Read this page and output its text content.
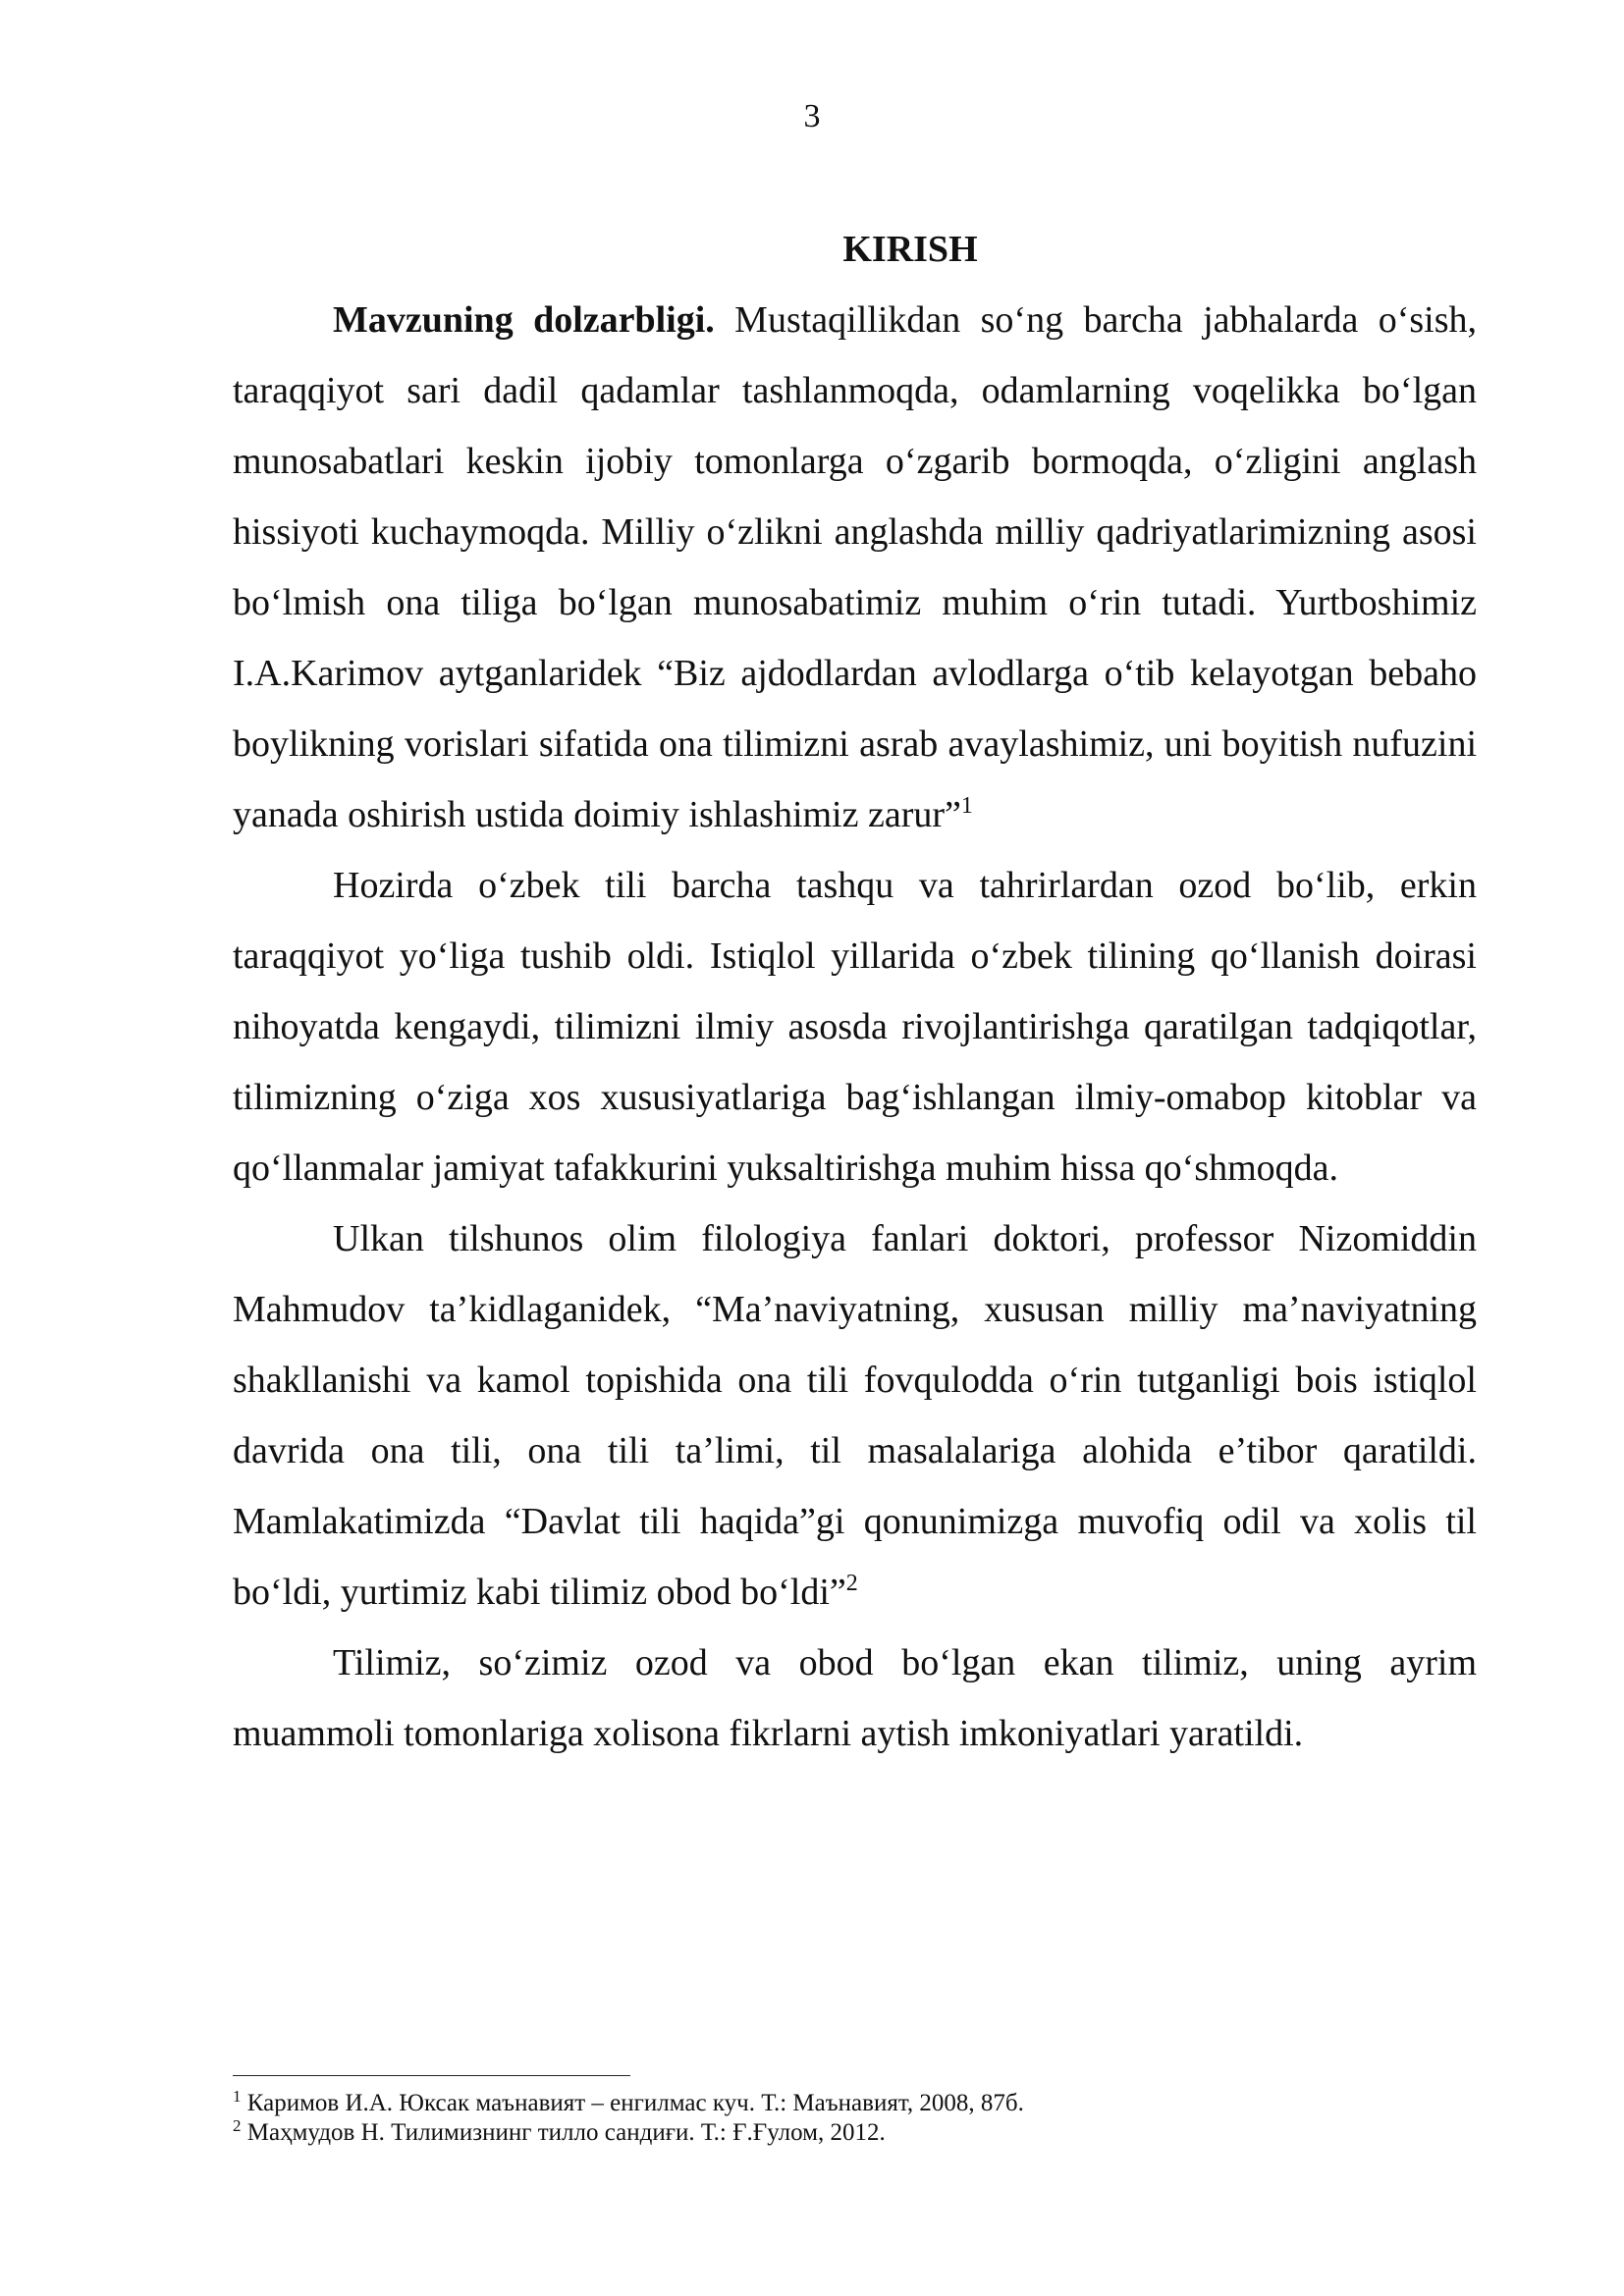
3
KIRISH

Mavzuning dolzarbligi. Mustaqillikdan so‘ng barcha jabhalarda o‘sish, taraqqiyot sari dadil qadamlar tashlanmoqda, odamlarning voqelikka bo‘lgan munosabatlari keskin ijobiy tomonlarga o‘zgarib bormoqda, o‘zligini anglash hissiyoti kuchaymoqda. Milliy o‘zlikni anglashda milliy qadriyatlarimizning asosi bo‘lmish ona tiliga bo‘lgan munosabatimiz muhim o‘rin tutadi. Yurtboshimiz I.A.Karimov aytganlaridek “Biz ajdodlardan avlodlarga o‘tib kelayotgan bebaho boylikning vorislari sifatida ona tilimizni asrab avaylashimiz, uni boyitish nufuzini yanada oshirish ustida doimiy ishlashimiz zarur”$^1$

Hozirda o‘zbek tili barcha tashqu va tahrirlardan ozod bo‘lib, erkin taraqqiyot yo‘liga tushib oldi. Istiqlol yillarida o‘zbek tilining qo‘llanish doirasi nihoyatda kengaydi, tilimizni ilmiy asosda rivojlantirishga qaratilgan tadqiqotlar, tilimizning o‘ziga xos xususiyatlariga bag‘ishlangan ilmiy-omabop kitoblar va qo‘llanmalar jamiyat tafakkurini yuksaltirishga muhim hissa qo‘shmoqda.

Ulkan tilshunos olim filologiya fanlari doktori, professor Nizomiddin Mahmudov ta’kidlaganidek, “Ma’naviyatning, xususan milliy ma’naviyatning shakllanishi va kamol topishida ona tili fovqulodda o‘rin tutganligi bois istiqlol davrida ona tili, ona tili ta’limi, til masalalariga alohida e’tibor qaratildi. Mamlakatimizda “Davlat tili haqida”gi qonunimizga muvofiq odil va xolis til bo‘ldi, yurtimiz kabi tilimiz obod bo‘ldi”$^2$

Tilimiz, so‘zimiz ozod va obod bo‘lgan ekan tilimiz, uning ayrim muammoli tomonlariga xolisona fikrlarni aytish imkoniyatlari yaratildi.

$^1$ Каримов И.А. Юксак маънавият – енгилмас куч. Т.: Маънавият, 2008, 87б.
$^2$ Маҳмудов Н. Тилимизнинг тилло сандиғи. Т.: Ғ.Ғулом, 2012.
